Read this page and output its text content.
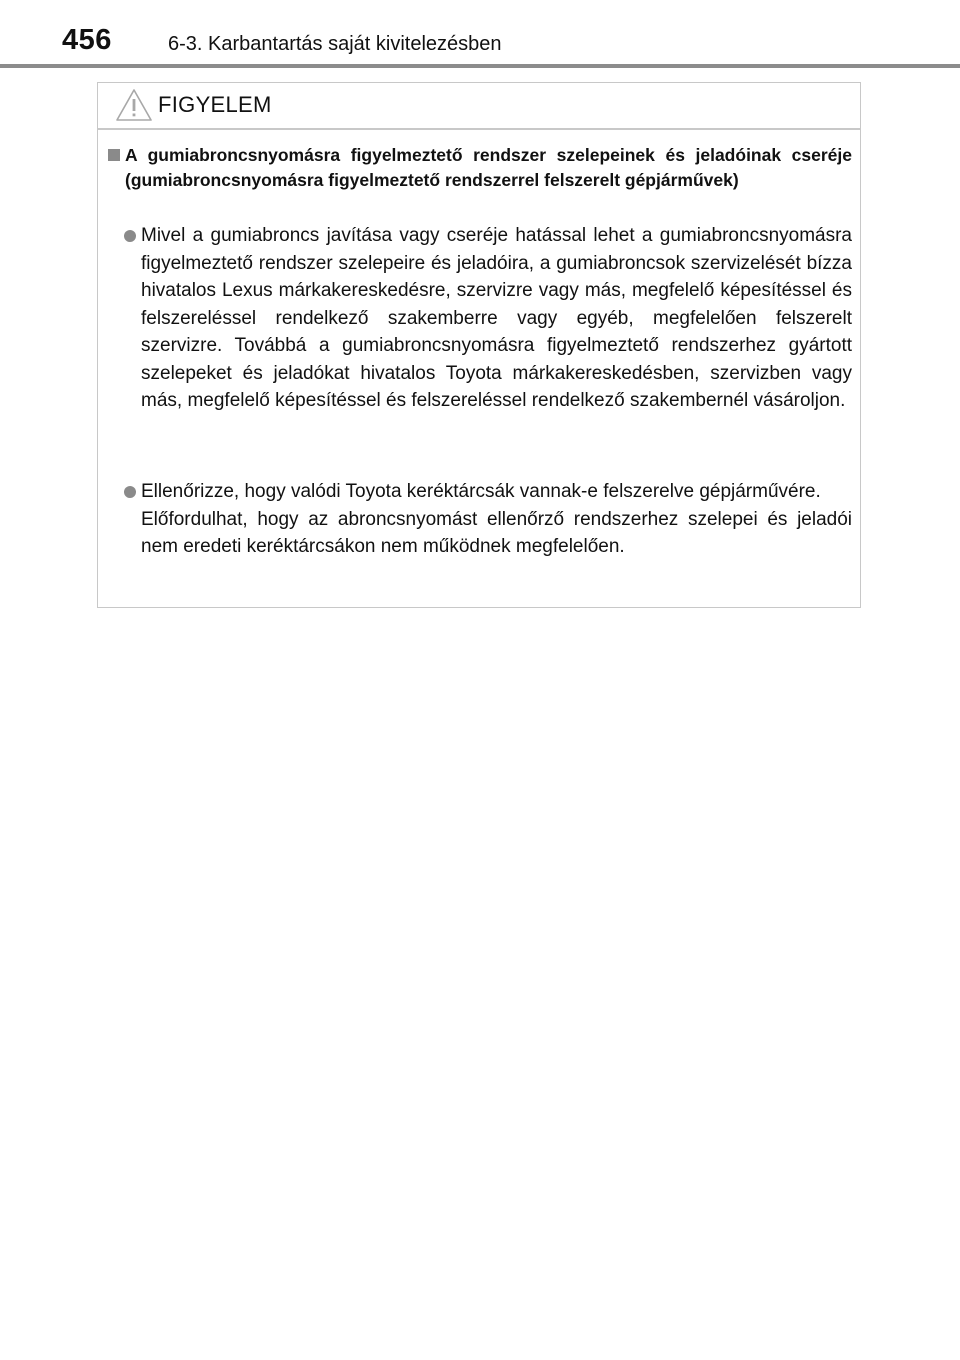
456	6-3. Karbantartás saját kivitelezésben
FIGYELEM
A gumiabroncsnyomásra figyelmeztető rendszer szelepeinek és jeladóinak cseréje (gumiabroncsnyomásra figyelmeztető rendszerrel felszerelt gépjárművek)
Mivel a gumiabroncs javítása vagy cseréje hatással lehet a gumiabroncsnyomásra figyelmeztető rendszer szelepeire és jeladóira, a gumiabroncsok szervizelését bízza hivatalos Lexus márkakereskedésre, szervizre vagy más, megfelelő képesítéssel és felszereléssel rendelkező szakemberre vagy egyéb, megfelelően felszerelt szervizre. Továbbá a gumiabroncsnyomásra figyelmeztető rendszerhez gyártott szelepeket és jeladókat hivatalos Toyota márkakereskedésben, szervizben vagy más, megfelelő képesítéssel és felszereléssel rendelkező szakembernél vásároljon.
Ellenőrizze, hogy valódi Toyota keréktárcsák vannak-e felszerelve gépjárművére.
Előfordulhat, hogy az abroncsnyomást ellenőrző rendszerhez szelepei és jeladói nem eredeti keréktárcsákon nem működnek megfelelően.
